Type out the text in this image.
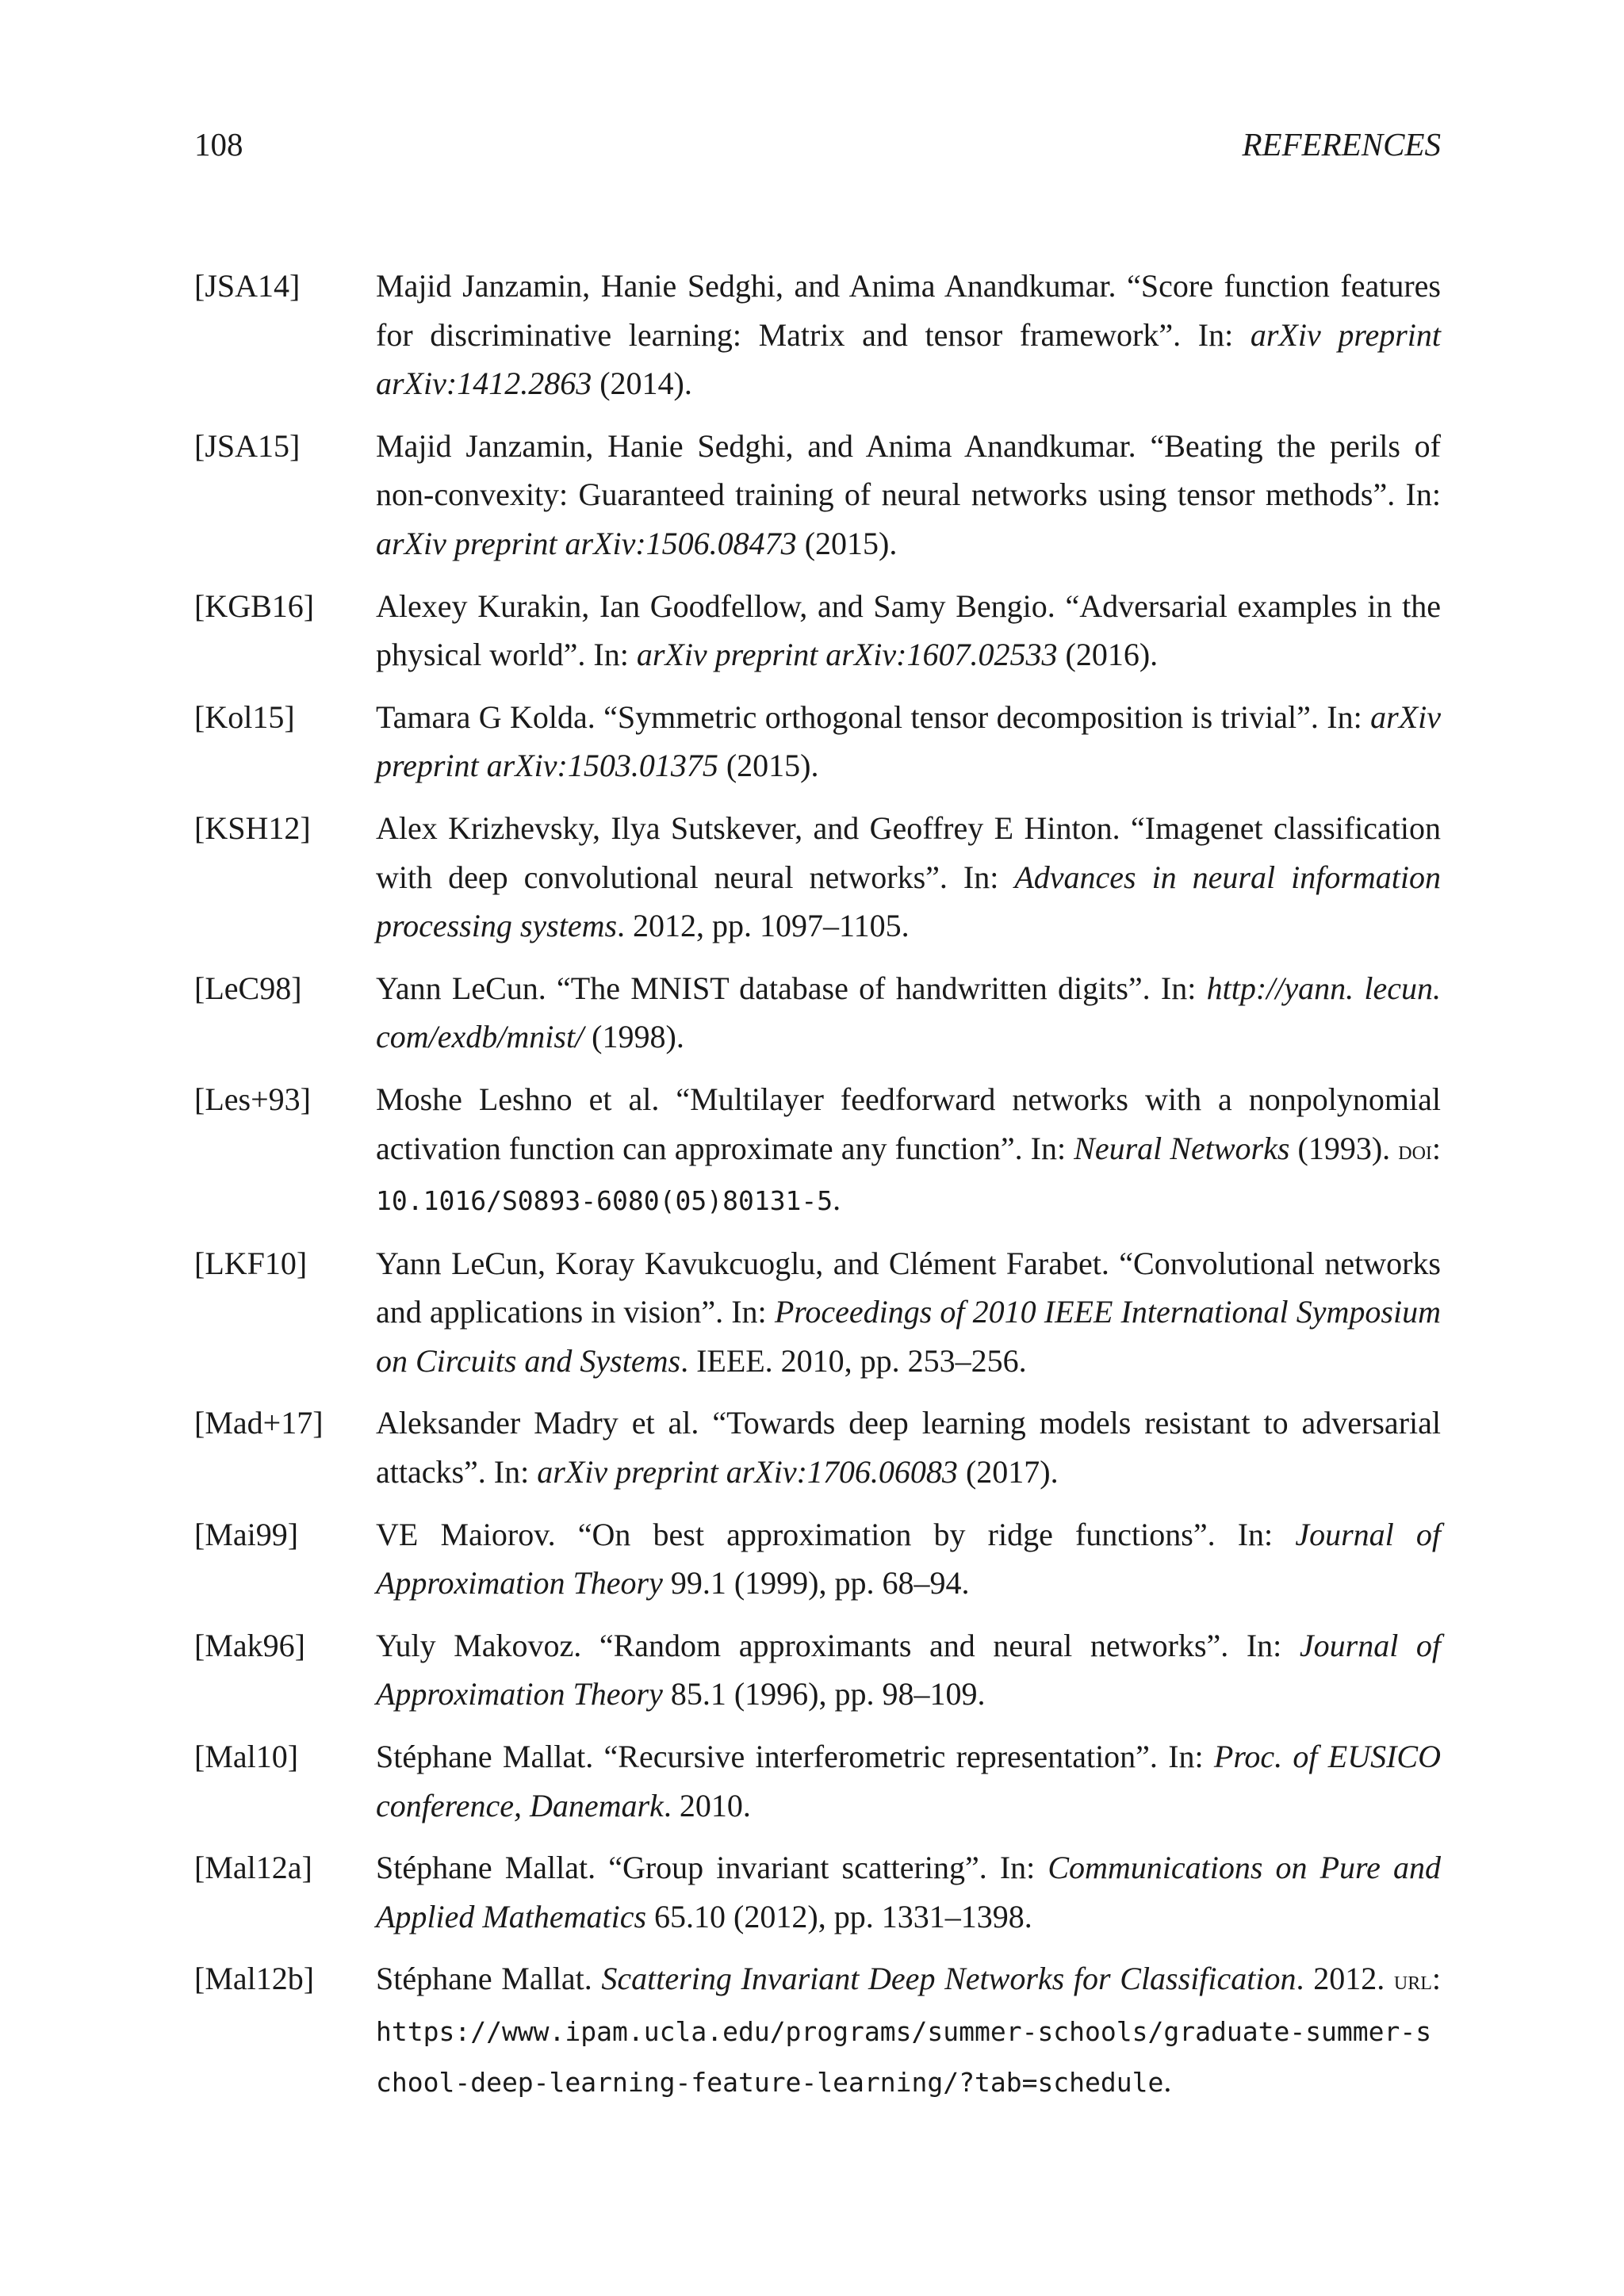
108	REFERENCES
[JSA14]	Majid Janzamin, Hanie Sedghi, and Anima Anandkumar. “Score function features for discriminative learning: Matrix and tensor framework”. In: arXiv preprint arXiv:1412.2863 (2014).
[JSA15]	Majid Janzamin, Hanie Sedghi, and Anima Anandkumar. “Beating the perils of non-convexity: Guaranteed training of neural networks using tensor methods”. In: arXiv preprint arXiv:1506.08473 (2015).
[KGB16]	Alexey Kurakin, Ian Goodfellow, and Samy Bengio. “Adversarial examples in the physical world”. In: arXiv preprint arXiv:1607.02533 (2016).
[Kol15]	Tamara G Kolda. “Symmetric orthogonal tensor decomposition is trivial”. In: arXiv preprint arXiv:1503.01375 (2015).
[KSH12]	Alex Krizhevsky, Ilya Sutskever, and Geoffrey E Hinton. “Imagenet classification with deep convolutional neural networks”. In: Advances in neural information processing systems. 2012, pp. 1097–1105.
[LeC98]	Yann LeCun. “The MNIST database of handwritten digits”. In: http://yann. lecun. com/exdb/mnist/ (1998).
[Les+93]	Moshe Leshno et al. “Multilayer feedforward networks with a nonpolynomial activation function can approximate any function”. In: Neural Networks (1993). doi: 10.1016/S0893-6080(05)80131-5.
[LKF10]	Yann LeCun, Koray Kavukcuoglu, and Clément Farabet. “Convolutional networks and applications in vision”. In: Proceedings of 2010 IEEE International Symposium on Circuits and Systems. IEEE. 2010, pp. 253–256.
[Mad+17]	Aleksander Madry et al. “Towards deep learning models resistant to adversarial attacks”. In: arXiv preprint arXiv:1706.06083 (2017).
[Mai99]	VE Maiorov. “On best approximation by ridge functions”. In: Journal of Approximation Theory 99.1 (1999), pp. 68–94.
[Mak96]	Yuly Makovoz. “Random approximants and neural networks”. In: Journal of Approximation Theory 85.1 (1996), pp. 98–109.
[Mal10]	Stéphane Mallat. “Recursive interferometric representation”. In: Proc. of EUSICO conference, Danemark. 2010.
[Mal12a]	Stéphane Mallat. “Group invariant scattering”. In: Communications on Pure and Applied Mathematics 65.10 (2012), pp. 1331–1398.
[Mal12b]	Stéphane Mallat. Scattering Invariant Deep Networks for Classification. 2012. url: https://www.ipam.ucla.edu/programs/summer-schools/graduate-summer-school-deep-learning-feature-learning/?tab=schedule.
